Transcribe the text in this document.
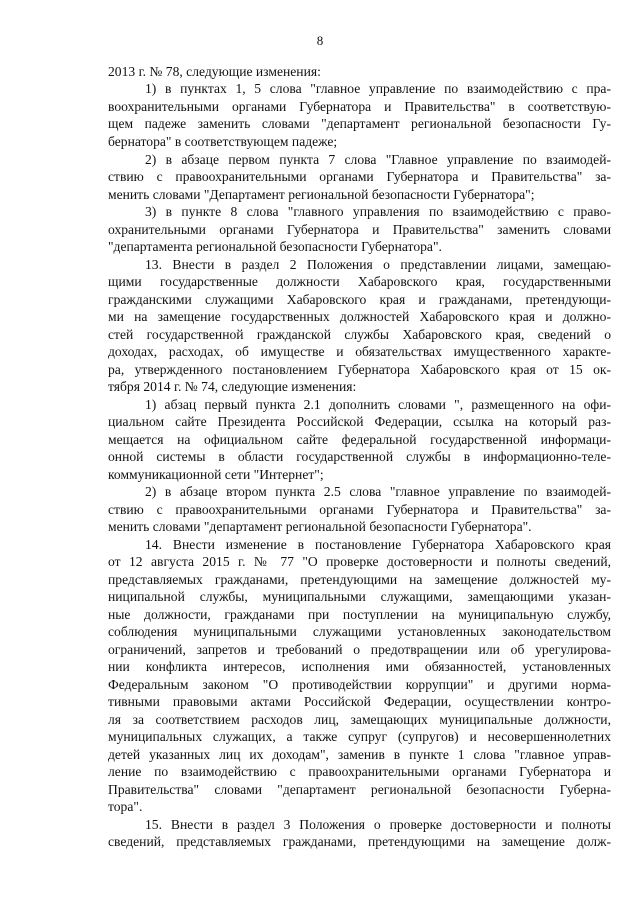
8
2013 г. № 78, следующие изменения:
1) в пунктах 1, 5 слова "главное управление по взаимодействию с пра-
воохранительными органами Губернатора и Правительства" в соответствую-
щем падеже заменить словами "департамент региональной безопасности Гу-
бернатора" в соответствующем падеже;
2) в абзаце первом пункта 7 слова "Главное управление по взаимодей-
ствию с правоохранительными органами Губернатора и Правительства" за-
менить словами "Департамент региональной безопасности Губернатора";
3) в пункте 8 слова "главного управления по взаимодействию с право-
охранительными органами Губернатора и Правительства" заменить словами
"департамента региональной безопасности Губернатора".
13. Внести в раздел 2 Положения о представлении лицами, замещаю-
щими государственные должности Хабаровского края, государственными
гражданскими служащими Хабаровского края и гражданами, претендующи-
ми на замещение государственных должностей Хабаровского края и должно-
стей государственной гражданской службы Хабаровского края, сведений о
доходах, расходах, об имуществе и обязательствах имущественного характе-
ра, утвержденного постановлением Губернатора Хабаровского края от 15 ок-
тября 2014 г. № 74, следующие изменения:
1) абзац первый пункта 2.1 дополнить словами ", размещенного на офи-
циальном сайте Президента Российской Федерации, ссылка на который раз-
мещается на официальном сайте федеральной государственной информаци-
онной системы в области государственной службы в информационно-теле-
коммуникационной сети "Интернет";
2) в абзаце втором пункта 2.5 слова "главное управление по взаимодей-
ствию с правоохранительными органами Губернатора и Правительства" за-
менить словами "департамент региональной безопасности Губернатора".
14. Внести изменение в постановление Губернатора Хабаровского края
от 12 августа 2015 г. № 77 "О проверке достоверности и полноты сведений,
представляемых гражданами, претендующими на замещение должностей му-
ниципальной службы, муниципальными служащими, замещающими указан-
ные должности, гражданами при поступлении на муниципальную службу,
соблюдения муниципальными служащими установленных законодательством
ограничений, запретов и требований о предотвращении или об урегулирова-
нии конфликта интересов, исполнения ими обязанностей, установленных
Федеральным законом "О противодействии коррупции" и другими норма-
тивными правовыми актами Российской Федерации, осуществлении контро-
ля за соответствием расходов лиц, замещающих муниципальные должности,
муниципальных служащих, а также супруг (супругов) и несовершеннолетних
детей указанных лиц их доходам", заменив в пункте 1 слова "главное управ-
ление по взаимодействию с правоохранительными органами Губернатора и
Правительства" словами "департамент региональной безопасности Губерна-
тора".
15. Внести в раздел 3 Положения о проверке достоверности и полноты
сведений, представляемых гражданами, претендующими на замещение долж-
